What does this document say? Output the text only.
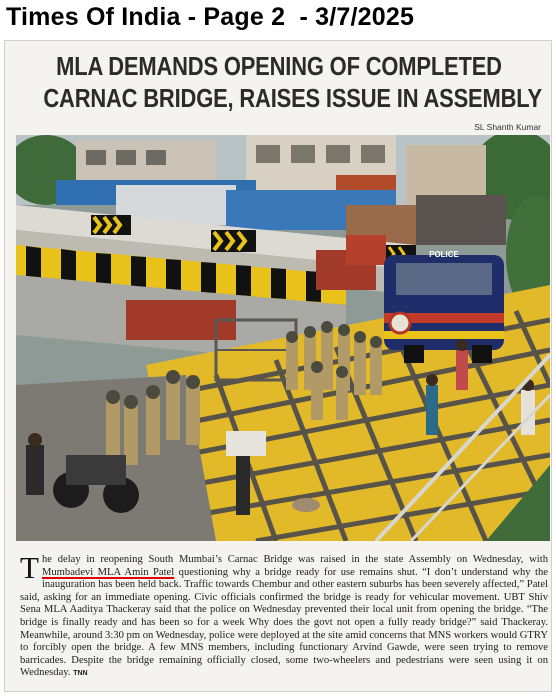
Times Of India - Page 2  - 3/7/2025
MLA DEMANDS OPENING OF COMPLETED
CARNAC BRIDGE, RAISES ISSUE IN ASSEMBLY
SL Shanth Kumar
POLICE
The delay in reopening South Mumbai’s Carnac Bridge was raised in the state Assembly on Wednesday, with Mumbadevi MLA Amin Patel questioning why a bridge ready for use remains shut. “I don’t understand why the inauguration has been held back. Traffic towards Chembur and other eastern suburbs has been severely affected,” Patel said, asking for an immediate opening. Civic officials confirmed the bridge is ready for vehicular movement. UBT Shiv Sena MLA Aaditya Thackeray said that the police on Wednesday prevented their local unit from opening the bridge. “The bridge is finally ready and has been so for a week Why does the govt not open a fully ready bridge?” said Thackeray. Meanwhile, around 3:30 pm on Wednesday, police were deployed at the site amid concerns that MNS workers would GTRY to forcibly open the bridge. A few MNS members, including functionary Arvind Gawde, were seen trying to remove barricades. Despite the bridge remaining officially closed, some two-wheelers and pedestrians were seen using it on Wednesday. TNN
